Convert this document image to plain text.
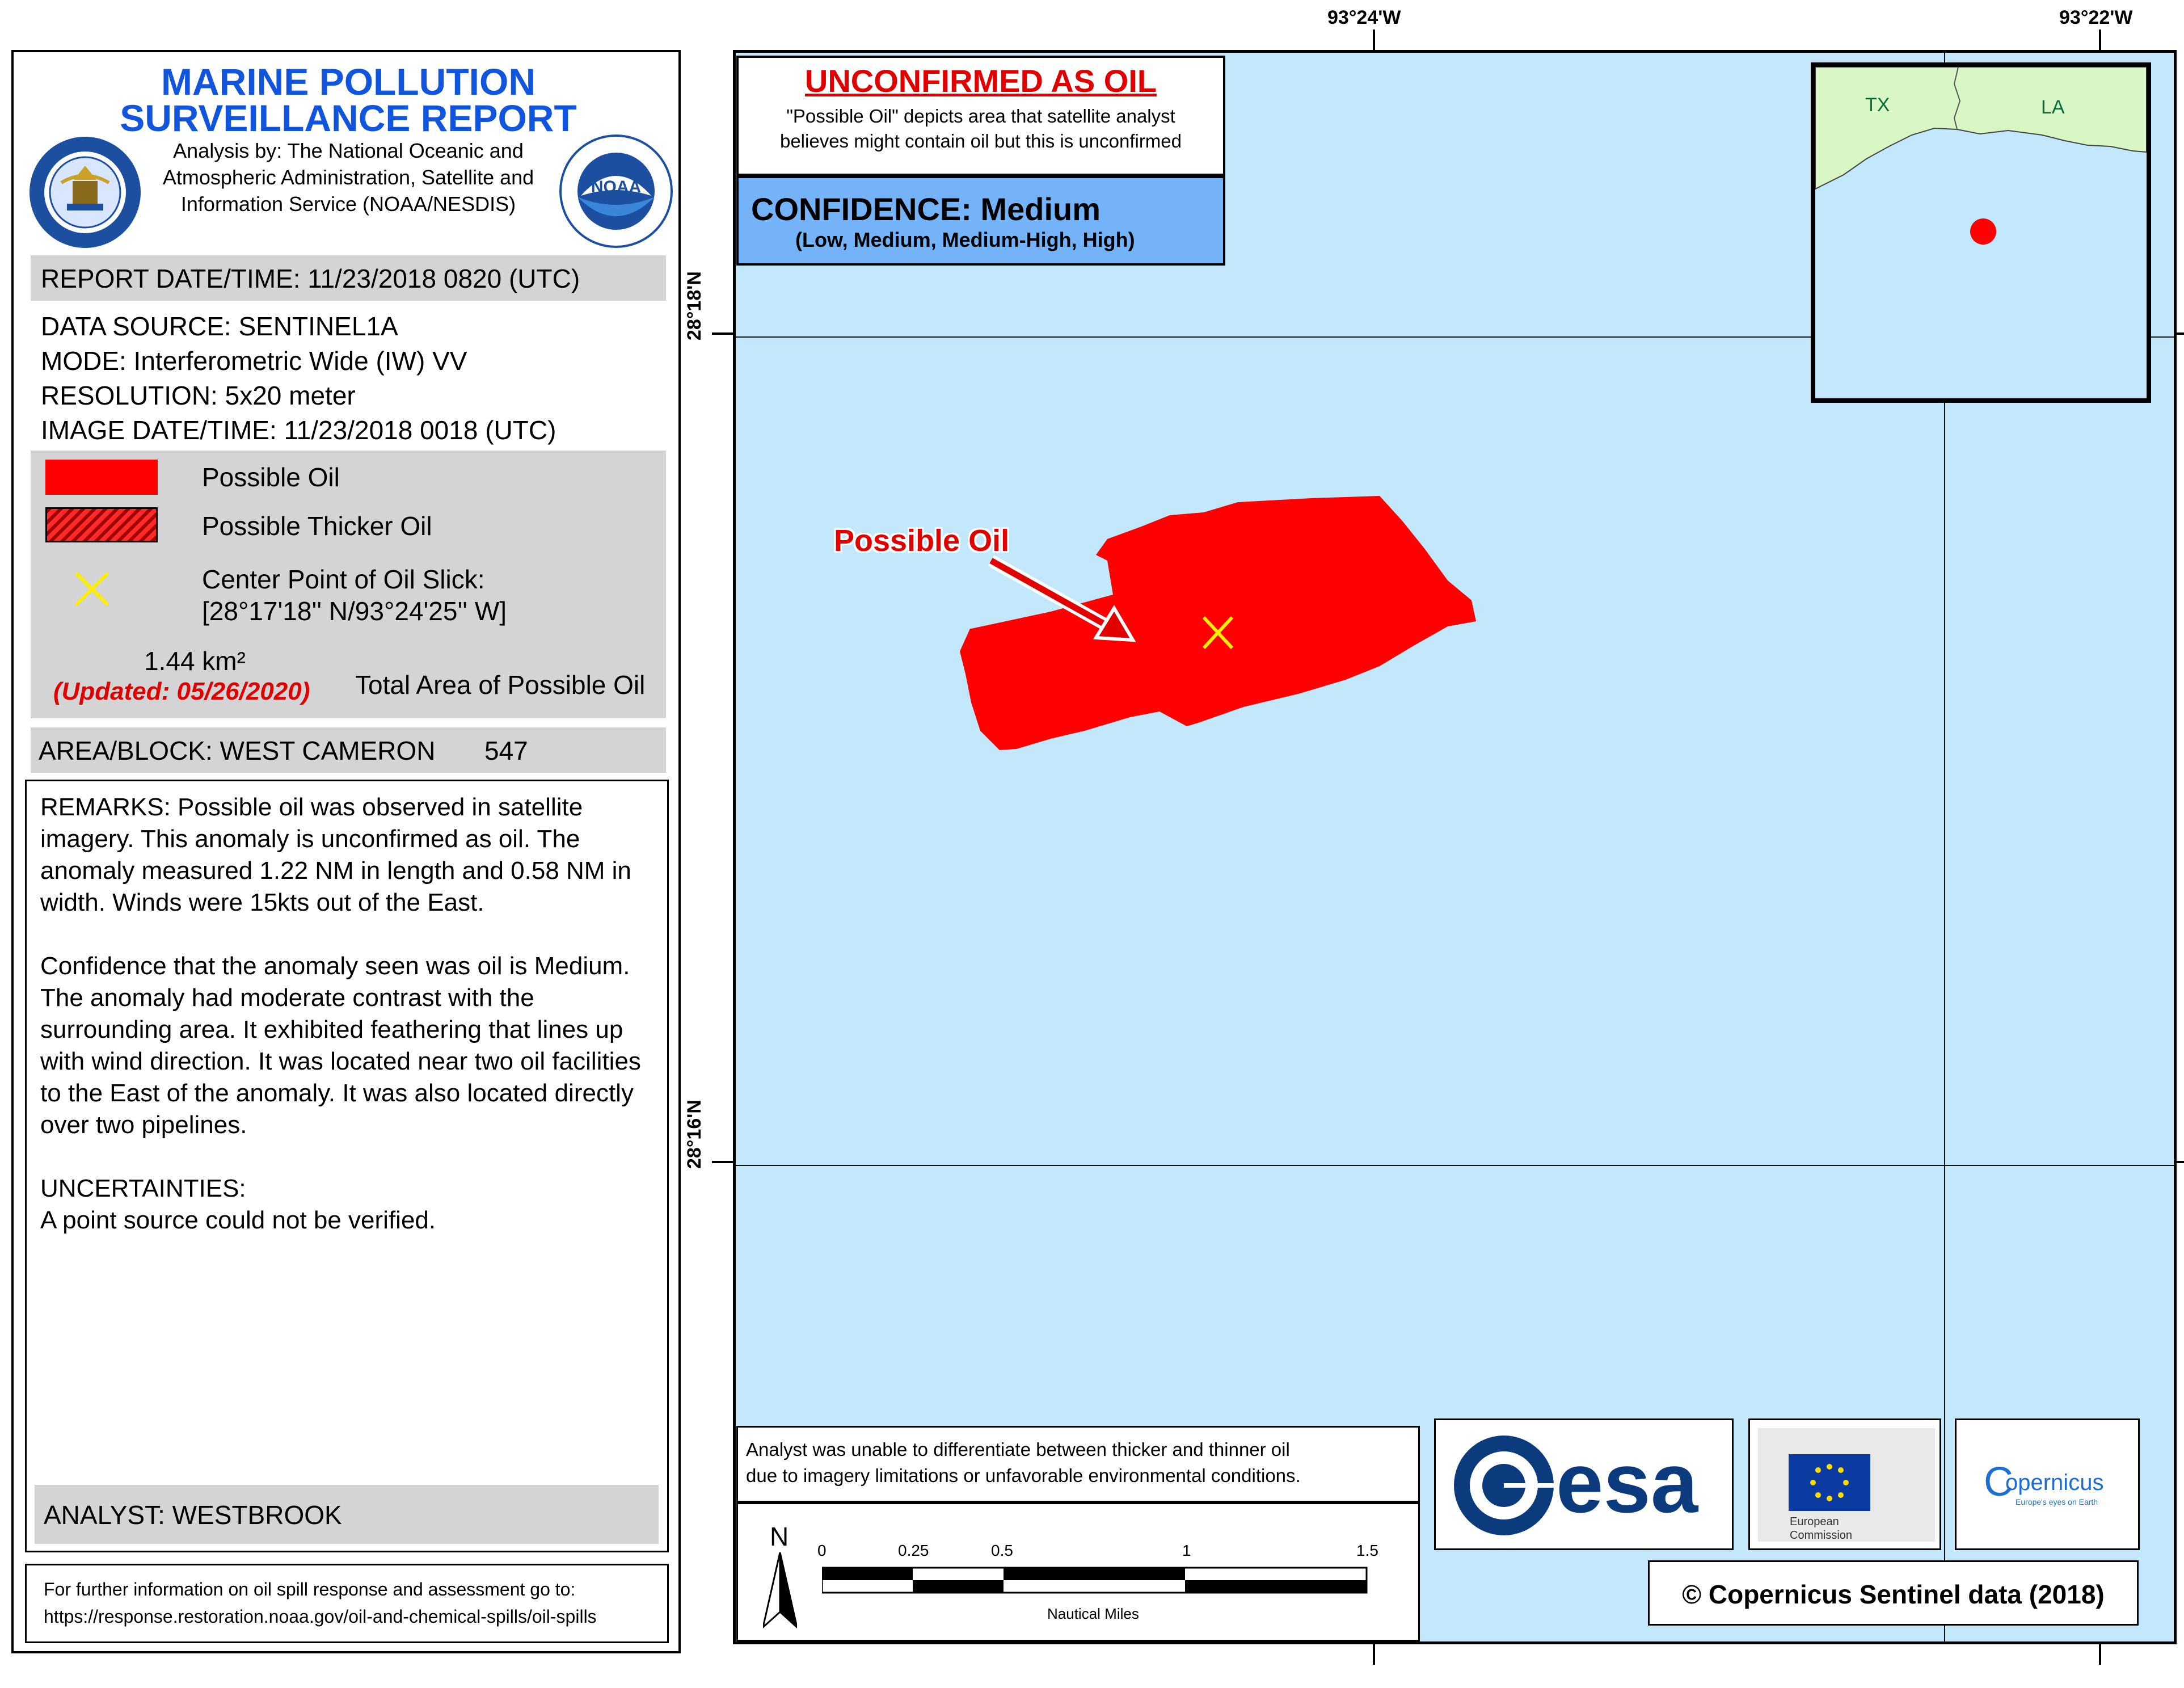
MARINE POLLUTION
SURVEILLANCE REPORT
Analysis by: The National Oceanic and
Atmospheric Administration, Satellite and
Information Service (NOAA/NESDIS)
NOAA
REPORT DATE/TIME: 11/23/2018 0820 (UTC)
DATA SOURCE: SENTINEL1A
MODE: Interferometric Wide (IW) VV
RESOLUTION: 5x20 meter
IMAGE DATE/TIME: 11/23/2018 0018 (UTC)
Possible Oil
Possible Thicker Oil
Center Point of Oil Slick:
[28°17'18'' N/93°24'25'' W]
1.44 km²
(Updated: 05/26/2020) Total Area of Possible Oil
AREA/BLOCK: WEST CAMERON 547

REMARKS: Possible oil was observed in satellite imagery. This anomaly is unconfirmed as oil. The anomaly measured 1.22 NM in length and 0.58 NM in width. Winds were 15kts out of the East.

Confidence that the anomaly seen was oil is Medium. The anomaly had moderate contrast with the surrounding area. It exhibited feathering that lines up with wind direction. It was located near two oil facilities to the East of the anomaly. It was also located directly over two pipelines.

UNCERTAINTIES:
A point source could not be verified.
ANALYST: WESTBROOK
For further information on oil spill response and assessment go to:
https://response.restoration.noaa.gov/oil-and-chemical-spills/oil-spills
93°24'W	93°22'W
28°18'N
28°16'N
Possible Oil
UNCONFIRMED AS OIL
"Possible Oil" depicts area that satellite analyst
believes might contain oil but this is unconfirmed
CONFIDENCE: Medium
(Low, Medium, Medium-High, High)
TX	LA
Analyst was unable to differentiate between thicker and thinner oil
due to imagery limitations or unfavorable environmental conditions.
N 0	0.25	0.5	1	1.5
Nautical Miles
esa	European
Commission
C
opernicus
Europe's eyes on Earth
© Copernicus Sentinel data (2018)
